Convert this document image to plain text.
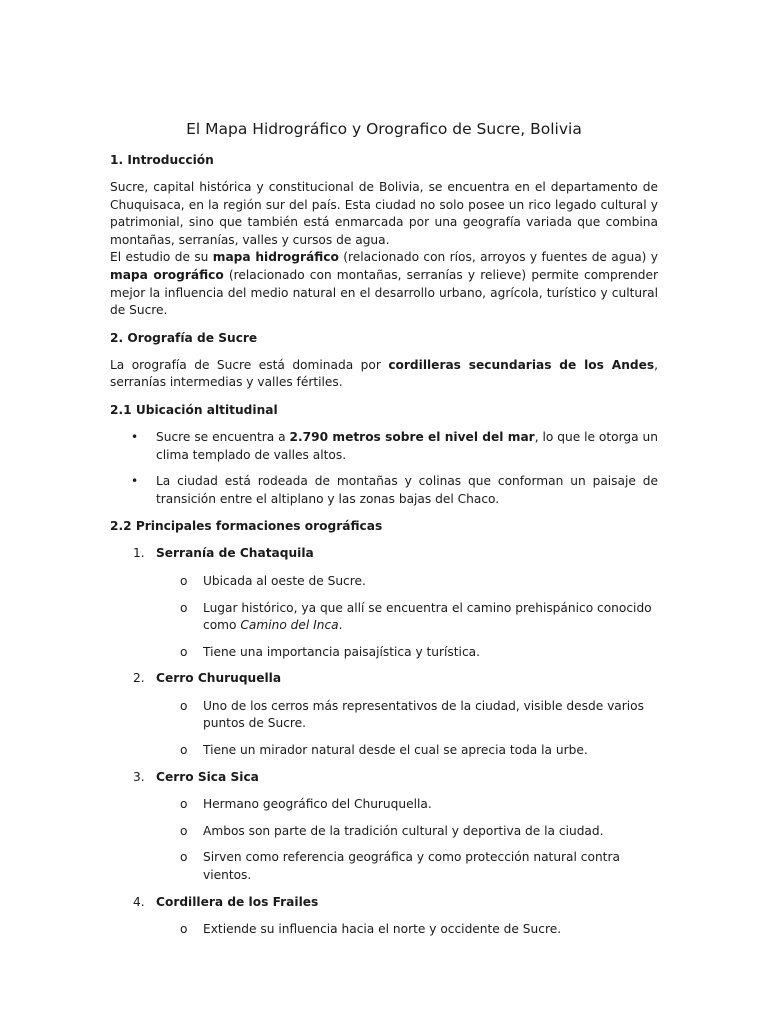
El Mapa Hidrográfico y Orografico de Sucre, Bolivia
1. Introducción

Sucre, capital histórica y constitucional de Bolivia, se encuentra en el departamento de Chuquisaca, en la región sur del país. Esta ciudad no solo posee un rico legado cultural y patrimonial, sino que también está enmarcada por una geografía variada que combina montañas, serranías, valles y cursos de agua.
El estudio de su mapa hidrográfico (relacionado con ríos, arroyos y fuentes de agua) y mapa orográfico (relacionado con montañas, serranías y relieve) permite comprender mejor la influencia del medio natural en el desarrollo urbano, agrícola, turístico y cultural de Sucre.

2. Orografía de Sucre

La orografía de Sucre está dominada por cordilleras secundarias de los Andes, serranías intermedias y valles fértiles.

2.1 Ubicación altitudinal
• Sucre se encuentra a 2.790 metros sobre el nivel del mar, lo que le otorga un clima templado de valles altos.
• La ciudad está rodeada de montañas y colinas que conforman un paisaje de transición entre el altiplano y las zonas bajas del Chaco.
2.2 Principales formaciones orográficas
1. Serranía de Chataquila
o Ubicada al oeste de Sucre.
o Lugar histórico, ya que allí se encuentra el camino prehispánico conocido como Camino del Inca.
o Tiene una importancia paisajística y turística.
2. Cerro Churuquella
o Uno de los cerros más representativos de la ciudad, visible desde varios puntos de Sucre.
o Tiene un mirador natural desde el cual se aprecia toda la urbe.
3. Cerro Sica Sica
o Hermano geográfico del Churuquella.
o Ambos son parte de la tradición cultural y deportiva de la ciudad.
o Sirven como referencia geográfica y como protección natural contra vientos.
4. Cordillera de los Frailes
o Extiende su influencia hacia el norte y occidente de Sucre.
